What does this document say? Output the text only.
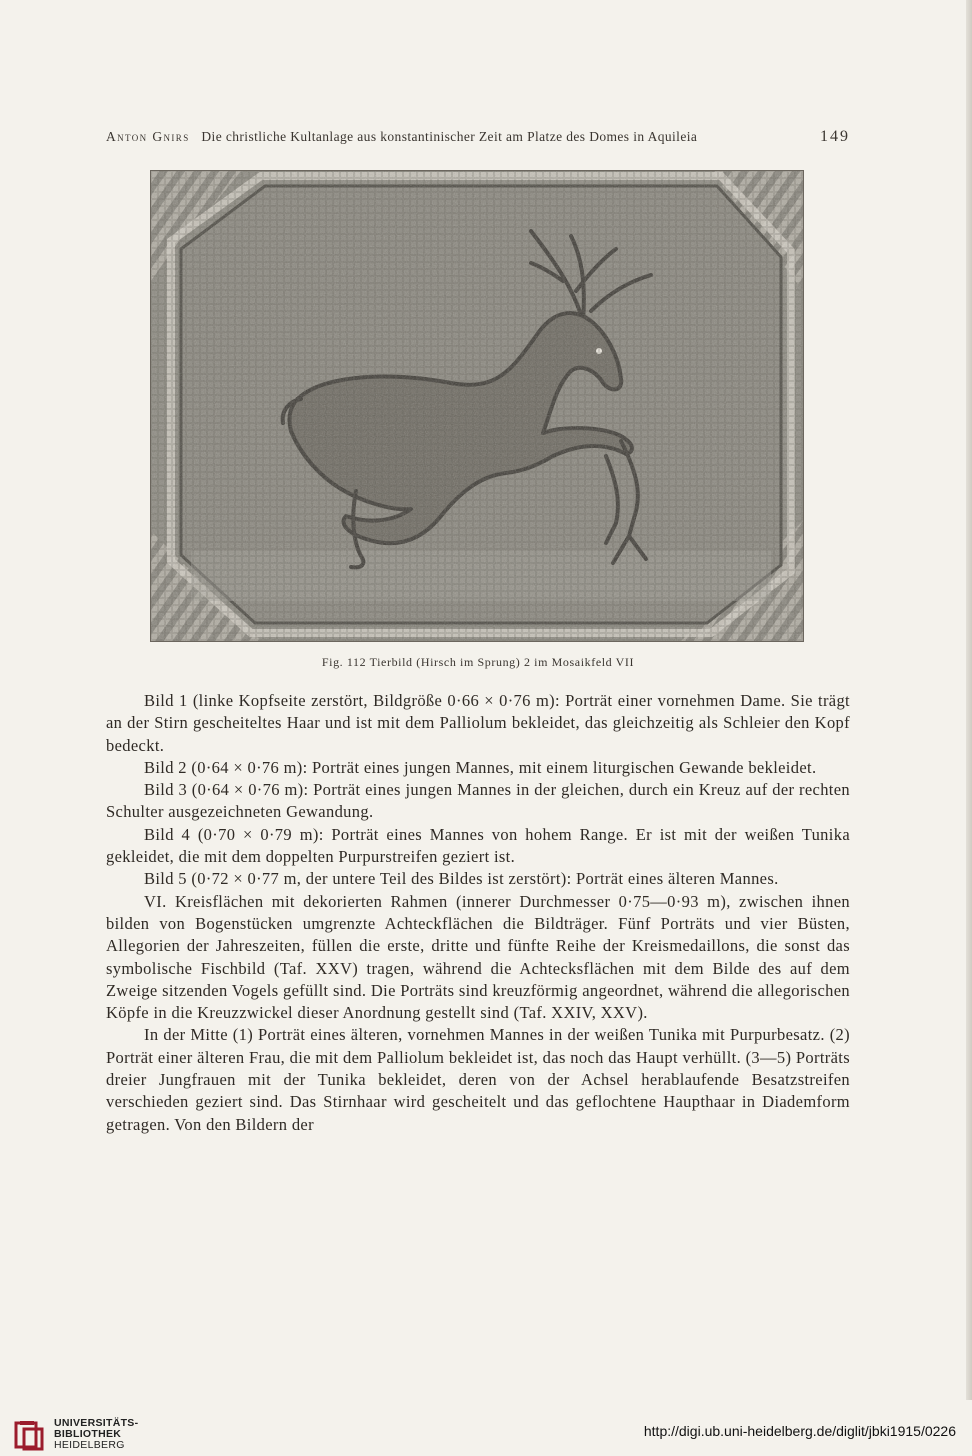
Anton Gnirs Die christliche Kultanlage aus konstantinischer Zeit am Platze des Domes in Aquileia	149
Fig. 112 Tierbild (Hirsch im Sprung) 2 im Mosaikfeld VII

Bild 1 (linke Kopfseite zerstört, Bildgröße 0·66 × 0·76 m): Porträt einer vornehmen Dame. Sie trägt an der Stirn gescheiteltes Haar und ist mit dem Palliolum bekleidet, das gleichzeitig als Schleier den Kopf bedeckt.

Bild 2 (0·64 × 0·76 m): Porträt eines jungen Mannes, mit einem liturgischen Gewande bekleidet.

Bild 3 (0·64 × 0·76 m): Porträt eines jungen Mannes in der gleichen, durch ein Kreuz auf der rechten Schulter ausgezeichneten Gewandung.

Bild 4 (0·70 × 0·79 m): Porträt eines Mannes von hohem Range. Er ist mit der weißen Tunika gekleidet, die mit dem doppelten Purpurstreifen geziert ist.

Bild 5 (0·72 × 0·77 m, der untere Teil des Bildes ist zerstört): Porträt eines älteren Mannes.

VI. Kreisflächen mit dekorierten Rahmen (innerer Durchmesser 0·75—0·93 m), zwischen ihnen bilden von Bogenstücken umgrenzte Achteckflächen die Bildträger. Fünf Porträts und vier Büsten, Allegorien der Jahreszeiten, füllen die erste, dritte und fünfte Reihe der Kreismedaillons, die sonst das symbolische Fischbild (Taf. XXV) tragen, während die Achtecksflächen mit dem Bilde des auf dem Zweige sitzenden Vogels gefüllt sind. Die Porträts sind kreuzförmig angeordnet, während die allegorischen Köpfe in die Kreuzzwickel dieser Anordnung gestellt sind (Taf. XXIV, XXV).

In der Mitte (1) Porträt eines älteren, vornehmen Mannes in der weißen Tunika mit Purpurbesatz. (2) Porträt einer älteren Frau, die mit dem Palliolum bekleidet ist, das noch das Haupt verhüllt. (3—5) Porträts dreier Jungfrauen mit der Tunika bekleidet, deren von der Achsel herablaufende Besatzstreifen verschieden geziert sind. Das Stirnhaar wird gescheitelt und das geflochtene Haupthaar in Diademform getragen. Von den Bildern der

UNIVERSITÄTS-
BIBLIOTHEK
HEIDELBERG
http://digi.ub.uni-heidelberg.de/diglit/jbki1915/0226
